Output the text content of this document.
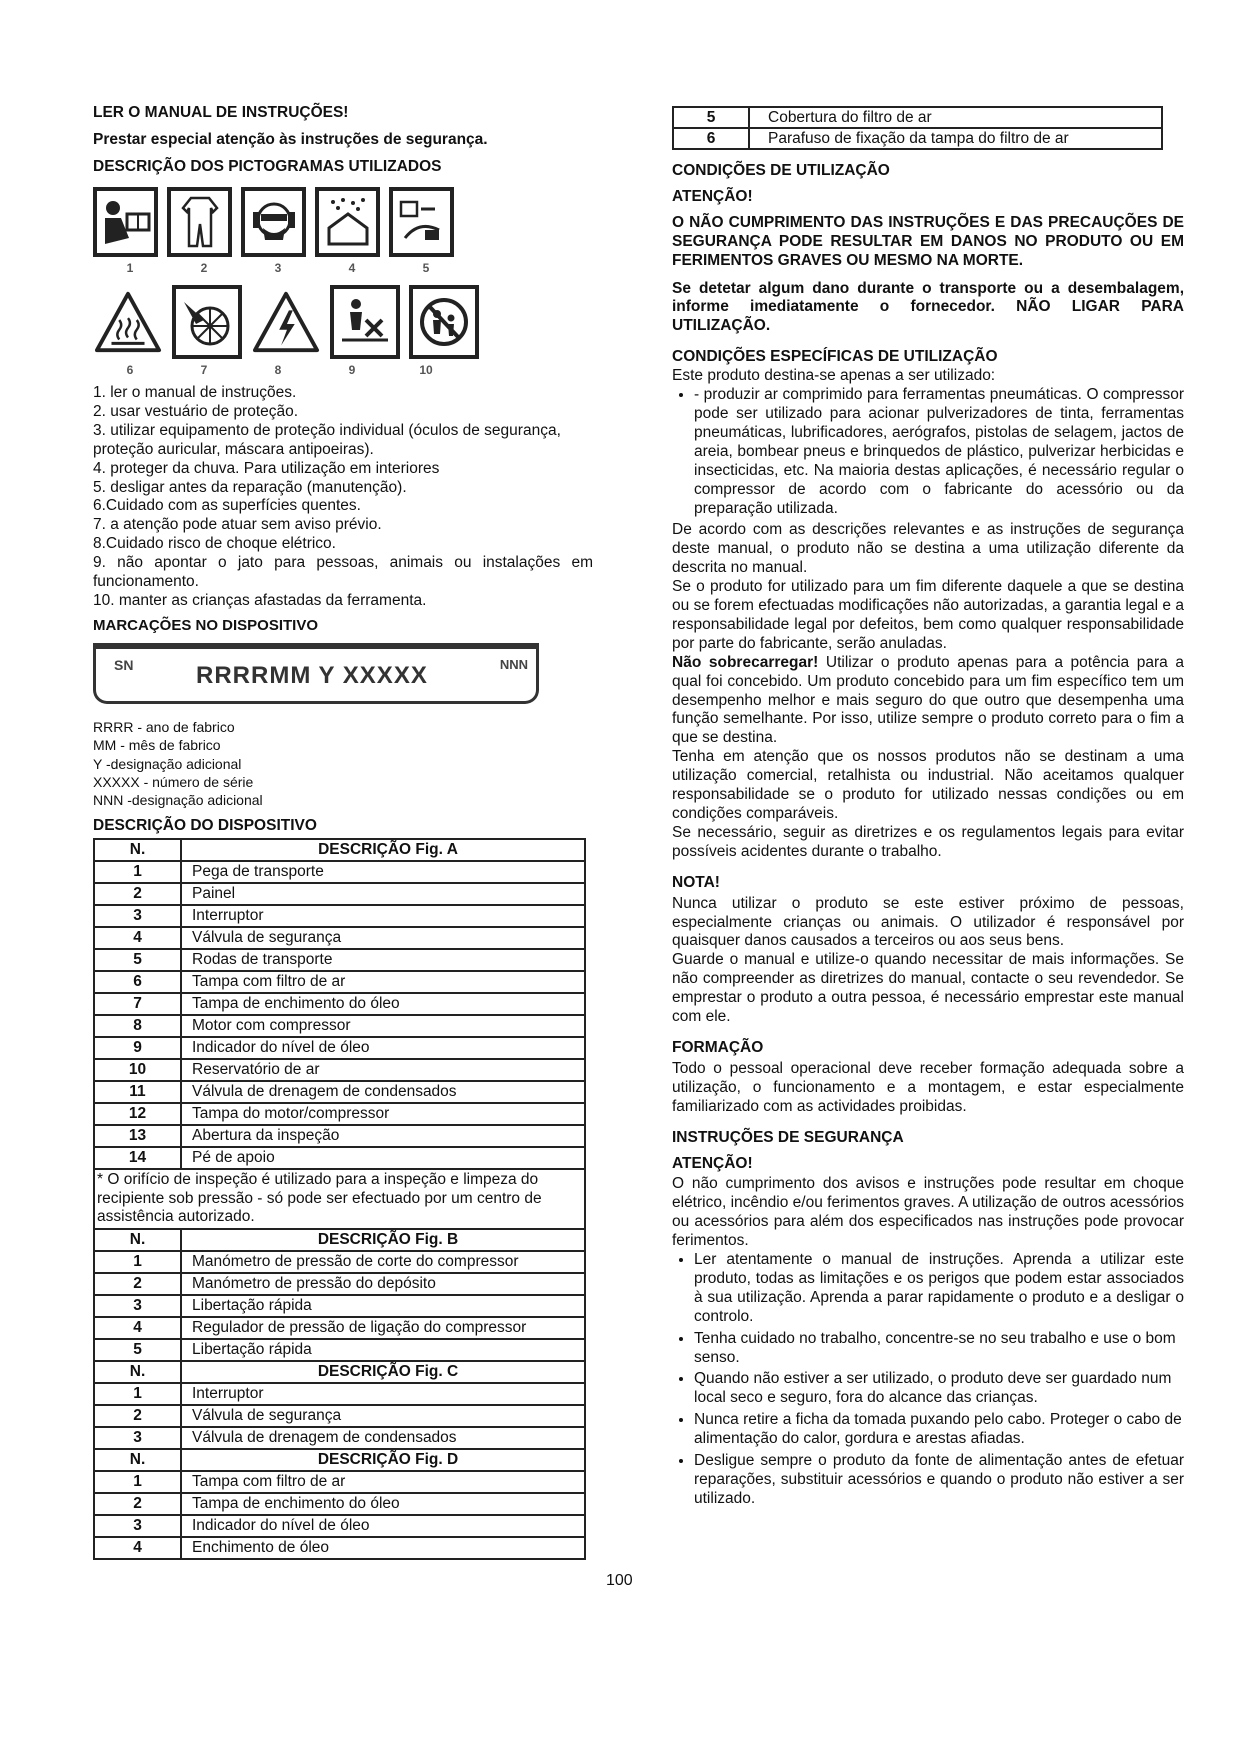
LER O MANUAL DE INSTRUÇÕES!

Prestar especial atenção às instruções de segurança.

DESCRIÇÃO DOS PICTOGRAMAS UTILIZADOS

1	2	3	4	5
6	7	8	9	10

1. ler o manual de instruções.

2. usar vestuário de proteção.

3. utilizar equipamento de proteção individual (óculos de segurança, proteção auricular, máscara antipoeiras).

4. proteger da chuva. Para utilização em interiores

5. desligar antes da reparação (manutenção).

6.Cuidado com as superfícies quentes.

7. a atenção pode atuar sem aviso prévio.

8.Cuidado risco de choque elétrico.

9. não apontar o jato para pessoas, animais ou instalações em funcionamento.

10. manter as crianças afastadas da ferramenta.

MARCAÇÕES NO DISPOSITIVO

SN	RRRRMM Y XXXXX	NNN

RRRR - ano de fabrico

MM - mês de fabrico

Y -designação adicional

XXXXX - número de série

NNN -designação adicional

DESCRIÇÃO DO DISPOSITIVO

N.	DESCRIÇÃO Fig. A
1	Pega de transporte
2	Painel
3	Interruptor
4	Válvula de segurança
5	Rodas de transporte
6	Tampa com filtro de ar
7	Tampa de enchimento do óleo
8	Motor com compressor
9	Indicador do nível de óleo
10	Reservatório de ar
11	Válvula de drenagem de condensados
12	Tampa do motor/compressor
13	Abertura da inspeção
14	Pé de apoio
* O orifício de inspeção é utilizado para a inspeção e limpeza do recipiente sob pressão - só pode ser efectuado por um centro de assistência autorizado.	
N.	DESCRIÇÃO Fig. B
1	Manómetro de pressão de corte do compressor
2	Manómetro de pressão do depósito
3	Libertação rápida
4	Regulador de pressão de ligação do compressor
5	Libertação rápida
N.	DESCRIÇÃO Fig. C
1	Interruptor
2	Válvula de segurança
3	Válvula de drenagem de condensados
N.	DESCRIÇÃO Fig. D
1	Tampa com filtro de ar
2	Tampa de enchimento do óleo
3	Indicador do nível de óleo
4	Enchimento de óleo
5	Cobertura do filtro de ar
6	Parafuso de fixação da tampa do filtro de ar

CONDIÇÕES DE UTILIZAÇÃO

ATENÇÃO!

O NÃO CUMPRIMENTO DAS INSTRUÇÕES E DAS PRECAUÇÕES DE SEGURANÇA PODE RESULTAR EM DANOS NO PRODUTO OU EM FERIMENTOS GRAVES OU MESMO NA MORTE.

Se detetar algum dano durante o transporte ou a desembalagem, informe imediatamente o fornecedor. NÃO LIGAR PARA UTILIZAÇÃO.

CONDIÇÕES ESPECÍFICAS DE UTILIZAÇÃO

Este produto destina-se apenas a ser utilizado:

• - produzir ar comprimido para ferramentas pneumáticas. O compressor pode ser utilizado para acionar pulverizadores de tinta, ferramentas pneumáticas, lubrificadores, aerógrafos, pistolas de selagem, jactos de areia, bombear pneus e brinquedos de plástico, pulverizar herbicidas e insecticidas, etc. Na maioria destas aplicações, é necessário regular o compressor de acordo com o fabricante do acessório ou da preparação utilizada.

De acordo com as descrições relevantes e as instruções de segurança deste manual, o produto não se destina a uma utilização diferente da descrita no manual.

Se o produto for utilizado para um fim diferente daquele a que se destina ou se forem efectuadas modificações não autorizadas, a garantia legal e a responsabilidade legal por defeitos, bem como qualquer responsabilidade por parte do fabricante, serão anuladas.

Não sobrecarregar! Utilizar o produto apenas para a potência para a qual foi concebido. Um produto concebido para um fim específico tem um desempenho melhor e mais seguro do que outro que desempenha uma função semelhante. Por isso, utilize sempre o produto correto para o fim a que se destina.

Tenha em atenção que os nossos produtos não se destinam a uma utilização comercial, retalhista ou industrial. Não aceitamos qualquer responsabilidade se o produto for utilizado nessas condições ou em condições comparáveis.

Se necessário, seguir as diretrizes e os regulamentos legais para evitar possíveis acidentes durante o trabalho.

NOTA!

Nunca utilizar o produto se este estiver próximo de pessoas, especialmente crianças ou animais. O utilizador é responsável por quaisquer danos causados a terceiros ou aos seus bens.

Guarde o manual e utilize-o quando necessitar de mais informações. Se não compreender as diretrizes do manual, contacte o seu revendedor. Se emprestar o produto a outra pessoa, é necessário emprestar este manual com ele.

FORMAÇÃO

Todo o pessoal operacional deve receber formação adequada sobre a utilização, o funcionamento e a montagem, e estar especialmente familiarizado com as actividades proibidas.

INSTRUÇÕES DE SEGURANÇA

ATENÇÃO!

O não cumprimento dos avisos e instruções pode resultar em choque elétrico, incêndio e/ou ferimentos graves. A utilização de outros acessórios ou acessórios para além dos especificados nas instruções pode provocar ferimentos.

• Ler atentamente o manual de instruções. Aprenda a utilizar este produto, todas as limitações e os perigos que podem estar associados à sua utilização. Aprenda a parar rapidamente o produto e a desligar o controlo.
• Tenha cuidado no trabalho, concentre-se no seu trabalho e use o bom senso.
• Quando não estiver a ser utilizado, o produto deve ser guardado num local seco e seguro, fora do alcance das crianças.
• Nunca retire a ficha da tomada puxando pelo cabo. Proteger o cabo de alimentação do calor, gordura e arestas afiadas.
• Desligue sempre o produto da fonte de alimentação antes de efetuar reparações, substituir acessórios e quando o produto não estiver a ser utilizado.
100
